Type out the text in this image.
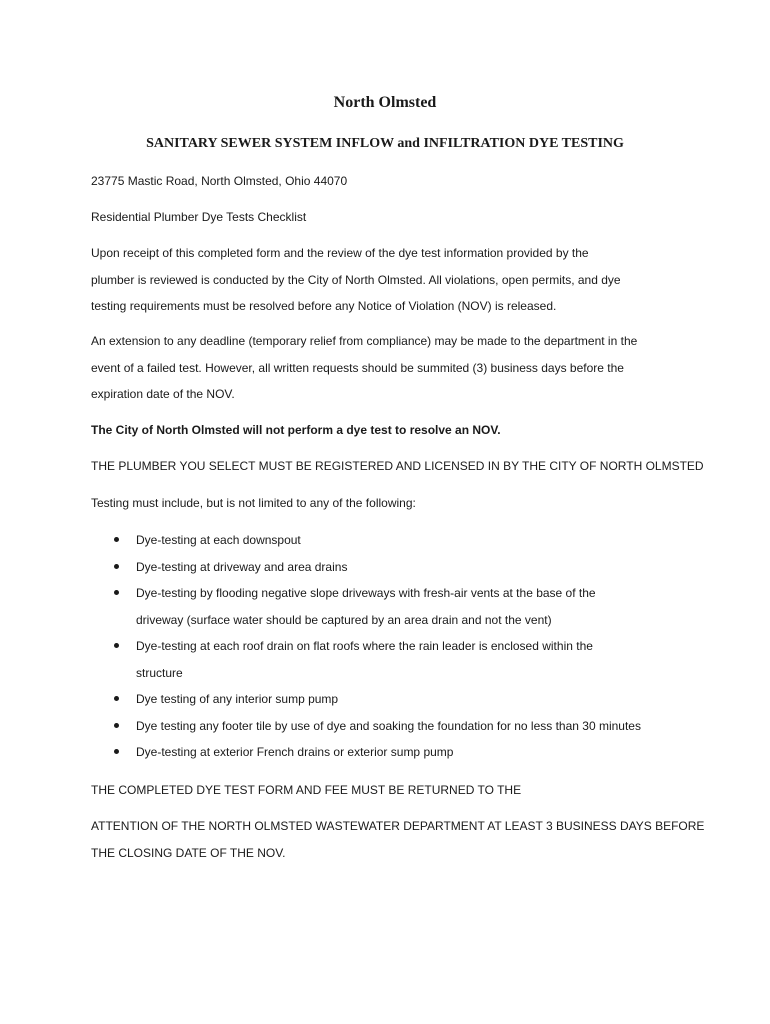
North Olmsted
SANITARY SEWER SYSTEM INFLOW and INFILTRATION DYE TESTING
23775 Mastic Road, North Olmsted, Ohio 44070
Residential Plumber Dye Tests Checklist
Upon receipt of this completed form and the review of the dye test information provided by the
plumber is reviewed is conducted by the City of North Olmsted. All violations, open permits, and dye
testing requirements must be resolved before any Notice of Violation (NOV) is released.
An extension to any deadline (temporary relief from compliance) may be made to the department in the
event of a failed test. However, all written requests should be summited (3) business days before the
expiration date of the NOV.
The City of North Olmsted will not perform a dye test to resolve an NOV.
THE PLUMBER YOU SELECT MUST BE REGISTERED AND LICENSED IN BY THE CITY OF NORTH OLMSTED
Testing must include, but is not limited to any of the following:
Dye-testing at each downspout
Dye-testing at driveway and area drains
Dye-testing by flooding negative slope driveways with fresh-air vents at the base of the
driveway (surface water should be captured by an area drain and not the vent)
Dye-testing at each roof drain on flat roofs where the rain leader is enclosed within the
structure
Dye testing of any interior sump pump
Dye testing any footer tile by use of dye and soaking the foundation for no less than 30 minutes
Dye-testing at exterior French drains or exterior sump pump
THE COMPLETED DYE TEST FORM AND FEE MUST BE RETURNED TO THE
ATTENTION OF THE NORTH OLMSTED WASTEWATER DEPARTMENT AT LEAST 3 BUSINESS DAYS BEFORE
THE CLOSING DATE OF THE NOV.
